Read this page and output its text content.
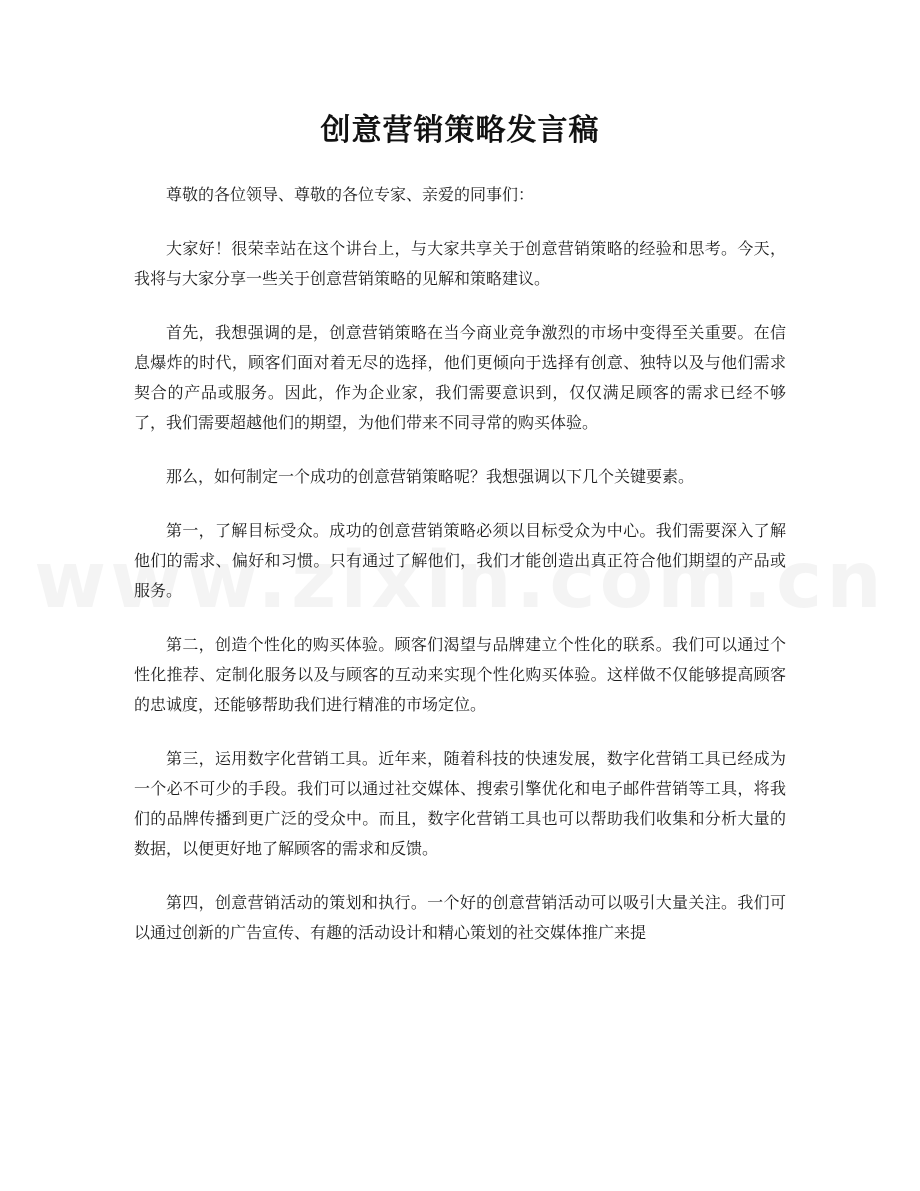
创意营销策略发言稿

尊敬的各位领导、尊敬的各位专家、亲爱的同事们：

大家好！很荣幸站在这个讲台上，与大家共享关于创意营销策略的经验和思考。今天，我将与大家分享一些关于创意营销策略的见解和策略建议。

首先，我想强调的是，创意营销策略在当今商业竞争激烈的市场中变得至关重要。在信息爆炸的时代，顾客们面对着无尽的选择，他们更倾向于选择有创意、独特以及与他们需求契合的产品或服务。因此，作为企业家，我们需要意识到，仅仅满足顾客的需求已经不够了，我们需要超越他们的期望，为他们带来不同寻常的购买体验。

那么，如何制定一个成功的创意营销策略呢？我想强调以下几个关键要素。

第一，了解目标受众。成功的创意营销策略必须以目标受众为中心。我们需要深入了解他们的需求、偏好和习惯。只有通过了解他们，我们才能创造出真正符合他们期望的产品或服务。

第二，创造个性化的购买体验。顾客们渴望与品牌建立个性化的联系。我们可以通过个性化推荐、定制化服务以及与顾客的互动来实现个性化购买体验。这样做不仅能够提高顾客的忠诚度，还能够帮助我们进行精准的市场定位。

第三，运用数字化营销工具。近年来，随着科技的快速发展，数字化营销工具已经成为一个必不可少的手段。我们可以通过社交媒体、搜索引擎优化和电子邮件营销等工具，将我们的品牌传播到更广泛的受众中。而且，数字化营销工具也可以帮助我们收集和分析大量的数据，以便更好地了解顾客的需求和反馈。

第四，创意营销活动的策划和执行。一个好的创意营销活动可以吸引大量关注。我们可以通过创新的广告宣传、有趣的活动设计和精心策划的社交媒体推广来提
